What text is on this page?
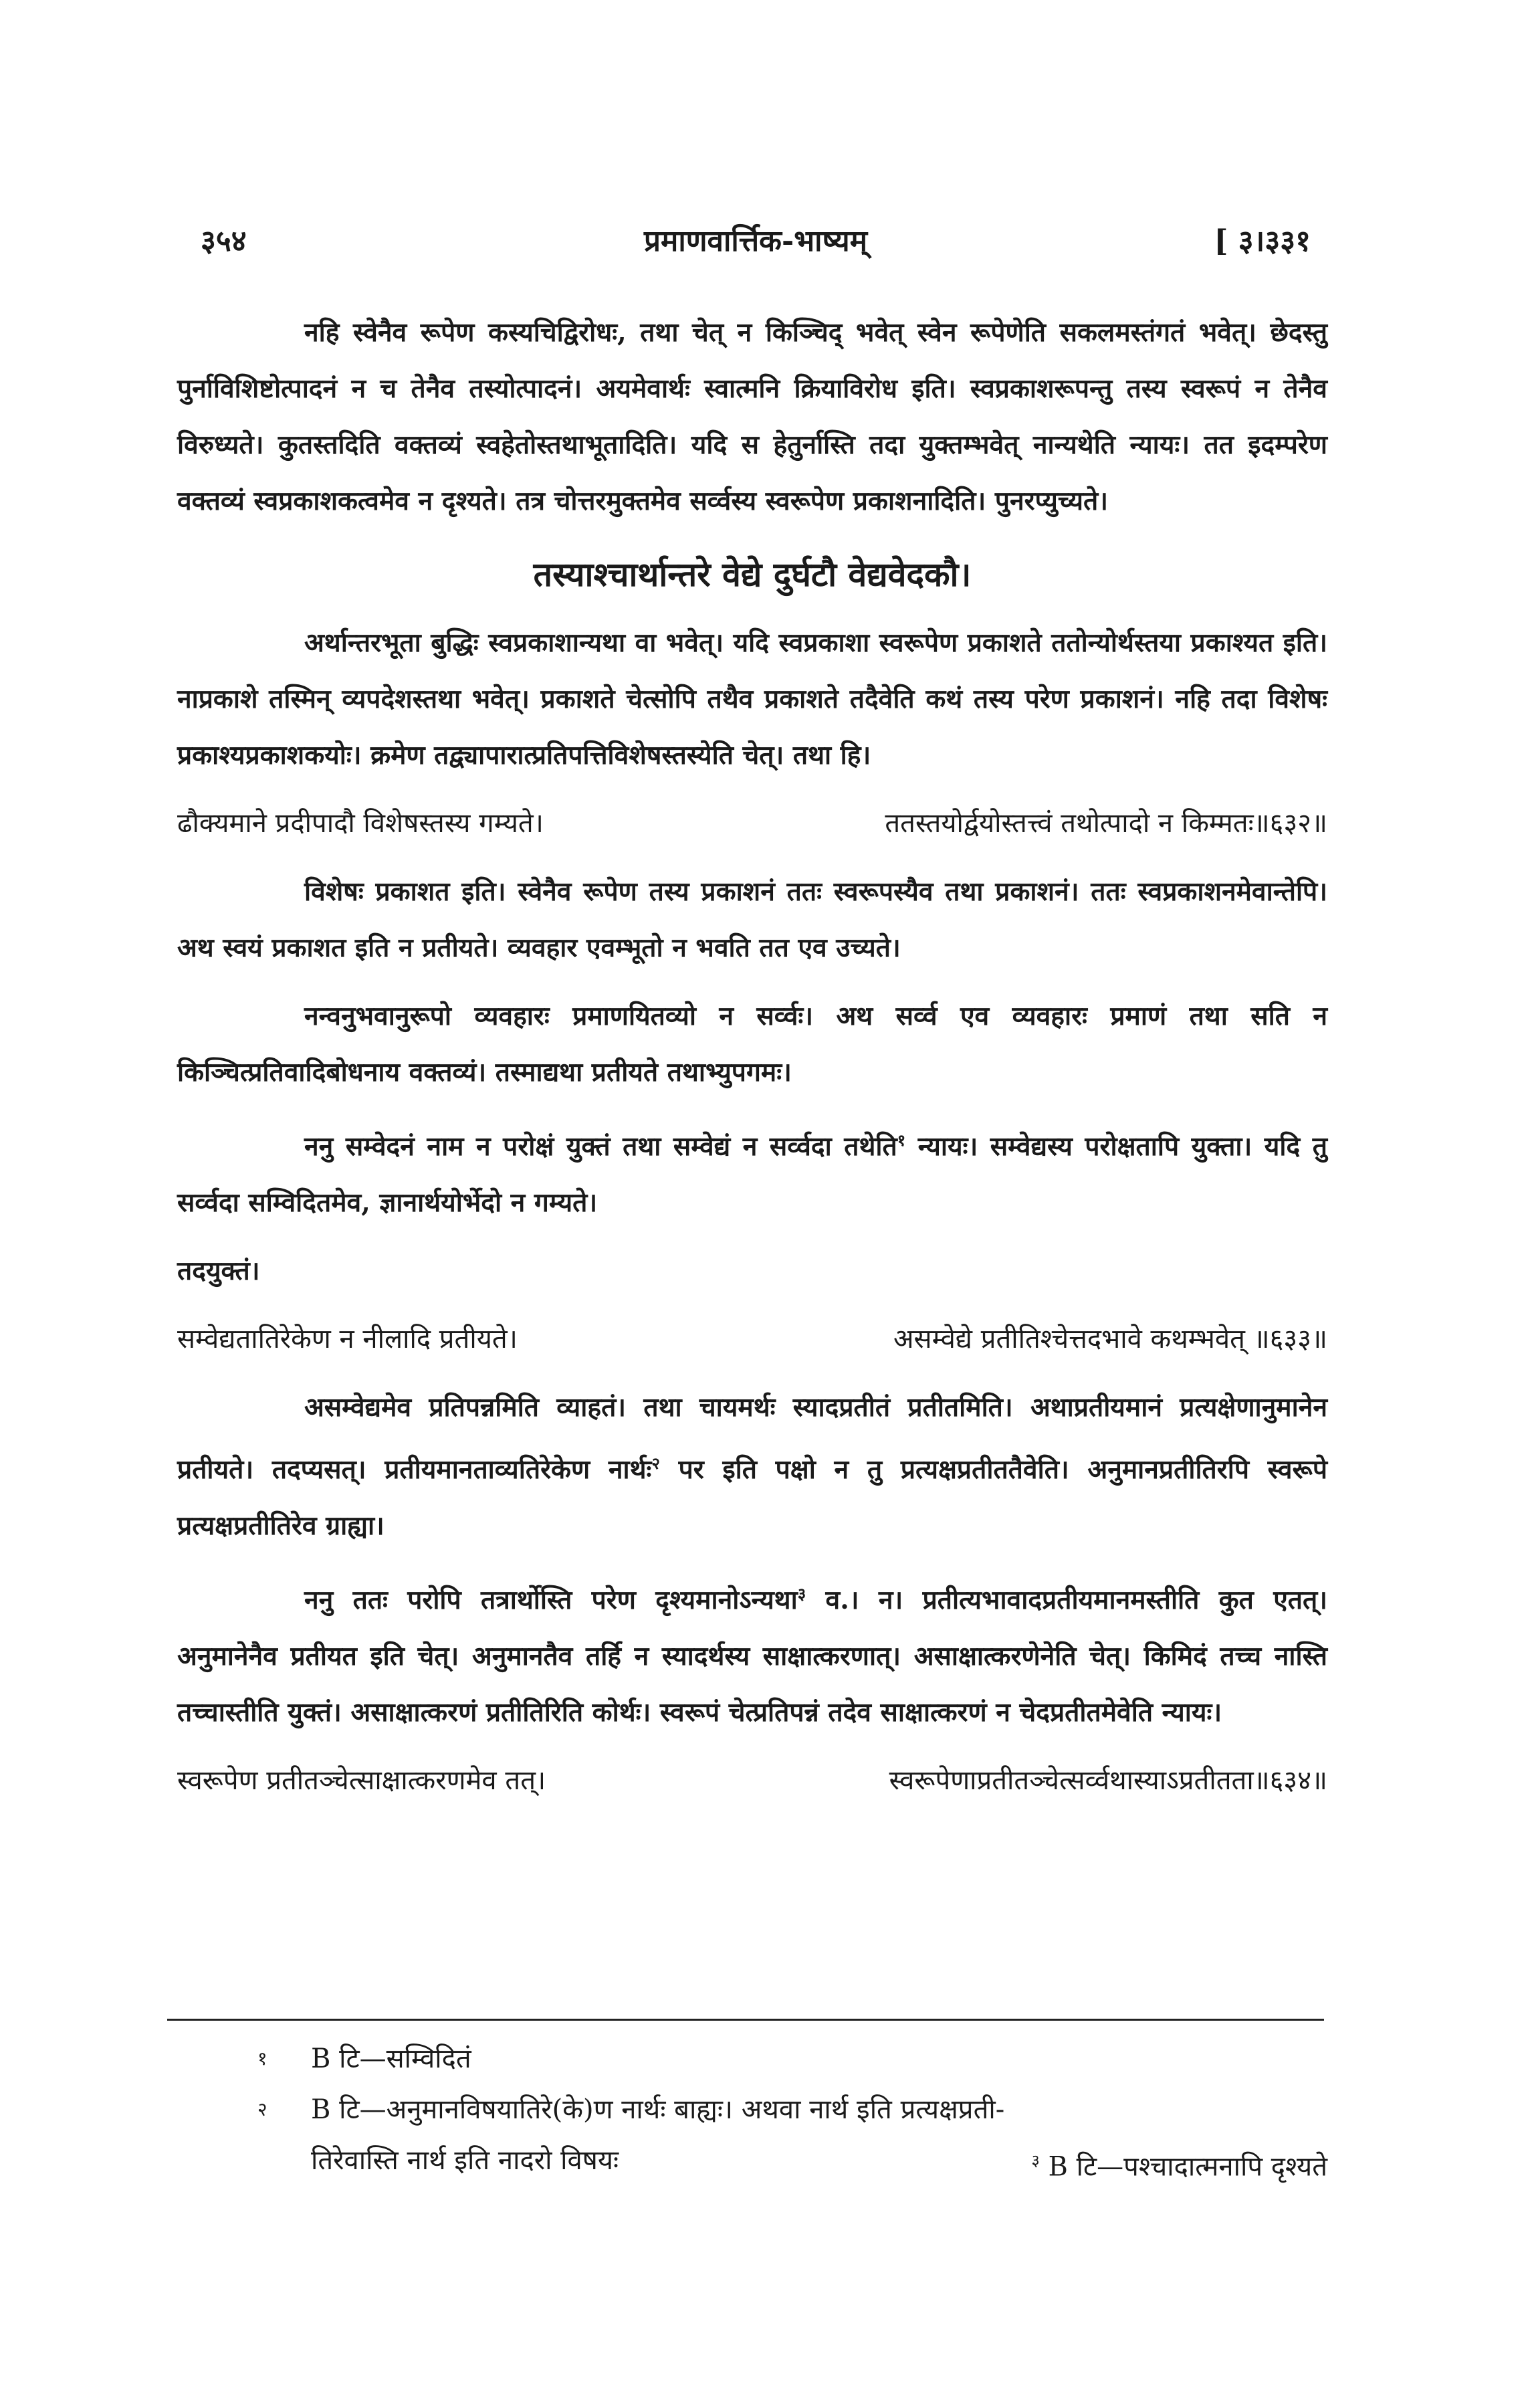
३५४	प्रमाणवार्त्तिक-भाष्यम्	[ ३।३३१

नहि स्वेनैव रूपेण कस्यचिद्विरोधः, तथा चेत् न किञ्चिद् भवेत् स्वेन रूपेणेति सकलमस्तंगतं भवेत्। छेदस्तु पुर्नाविशिष्टोत्पादनं न च तेनैव तस्योत्पादनं। अयमेवार्थः स्वात्मनि क्रियाविरोध इति। स्वप्रकाशरूपन्तु तस्य स्वरूपं न तेनैव विरुध्यते। कुतस्तदिति वक्तव्यं स्वहेतोस्तथाभूतादिति। यदि स हेतुर्नास्ति तदा युक्तम्भवेत् नान्यथेति न्यायः। तत इदम्परेण वक्तव्यं स्वप्रकाशकत्वमेव न दृश्यते। तत्र चोत्तरमुक्तमेव सर्व्वस्य स्वरूपेण प्रकाशनादिति। पुनरप्युच्यते।

तस्याश्चार्थान्तरे वेद्ये दुर्घटौ वेद्यवेदकौ।

अर्थान्तरभूता बुद्धिः स्वप्रकाशान्यथा वा भवेत्। यदि स्वप्रकाशा स्वरूपेण प्रकाशते ततोन्योर्थस्तया प्रकाश्यत इति। नाप्रकाशे तस्मिन् व्यपदेशस्तथा भवेत्। प्रकाशते चेत्सोपि तथैव प्रकाशते तदैवेति कथं तस्य परेण प्रकाशनं। नहि तदा विशेषः प्रकाश्यप्रकाशकयोः। क्रमेण तद्व्यापारात्प्रतिपत्तिविशेषस्तस्येति चेत्। तथा हि।

ढौक्यमाने प्रदीपादौ विशेषस्तस्य गम्यते।	ततस्तयोर्द्वयोस्तत्त्वं तथोत्पादो न किम्मतः॥६३२॥

विशेषः प्रकाशत इति। स्वेनैव रूपेण तस्य प्रकाशनं ततः स्वरूपस्यैव तथा प्रकाशनं। ततः स्वप्रकाशनमेवान्तेपि। अथ स्वयं प्रकाशत इति न प्रतीयते। व्यवहार एवम्भूतो न भवति तत एव उच्यते।

नन्वनुभवानुरूपो व्यवहारः प्रमाणयितव्यो न सर्व्वः। अथ सर्व्व एव व्यवहारः प्रमाणं तथा सति न किञ्चित्प्रतिवादिबोधनाय वक्तव्यं। तस्माद्यथा प्रतीयते तथाभ्युपगमः।

ननु सम्वेदनं नाम न परोक्षं युक्तं तथा सम्वेद्यं न सर्व्वदा तथेति$^१$ न्यायः। सम्वेद्यस्य परोक्षतापि युक्ता। यदि तु सर्व्वदा सम्विदितमेव, ज्ञानार्थयोर्भेदो न गम्यते।

तदयुक्तं।

सम्वेद्यतातिरेकेण न नीलादि प्रतीयते।	असम्वेद्ये प्रतीतिश्चेत्तदभावे कथम्भवेत् ॥६३३॥

असम्वेद्यमेव प्रतिपन्नमिति व्याहतं। तथा चायमर्थः स्यादप्रतीतं प्रतीतमिति। अथाप्रतीयमानं प्रत्यक्षेणानुमानेन प्रतीयते। तदप्यसत्। प्रतीयमानताव्यतिरेकेण नार्थः$^२$ पर इति पक्षो न तु प्रत्यक्षप्रतीततैवेति। अनुमानप्रतीतिरपि स्वरूपे प्रत्यक्षप्रतीतिरेव ग्राह्या।

ननु ततः परोपि तत्रार्थोस्ति परेण दृश्यमानोऽन्यथा$^३$ व.। न। प्रतीत्यभावादप्रतीयमानमस्तीति कुत एतत्। अनुमानेनैव प्रतीयत इति चेत्। अनुमानतैव तर्हि न स्यादर्थस्य साक्षात्करणात्। असाक्षात्करणेनेति चेत्। किमिदं तच्च नास्ति तच्चास्तीति युक्तं। असाक्षात्करणं प्रतीतिरिति कोर्थः। स्वरूपं चेत्प्रतिपन्नं तदेव साक्षात्करणं न चेदप्रतीतमेवेति न्यायः।

स्वरूपेण प्रतीतञ्चेत्साक्षात्करणमेव तत्।	स्वरूपेणाप्रतीतञ्चेत्सर्व्वथास्याऽप्रतीतता॥६३४॥
१	B टि—सम्विदितं
२	B टि—अनुमानविषयातिरे(के)ण नार्थः बाह्यः। अथवा नार्थ इति प्रत्यक्षप्रती-
तिरेवास्ति नार्थ इति नादरो विषयः	$^३$ B टि—पश्चादात्मनापि दृश्यते
